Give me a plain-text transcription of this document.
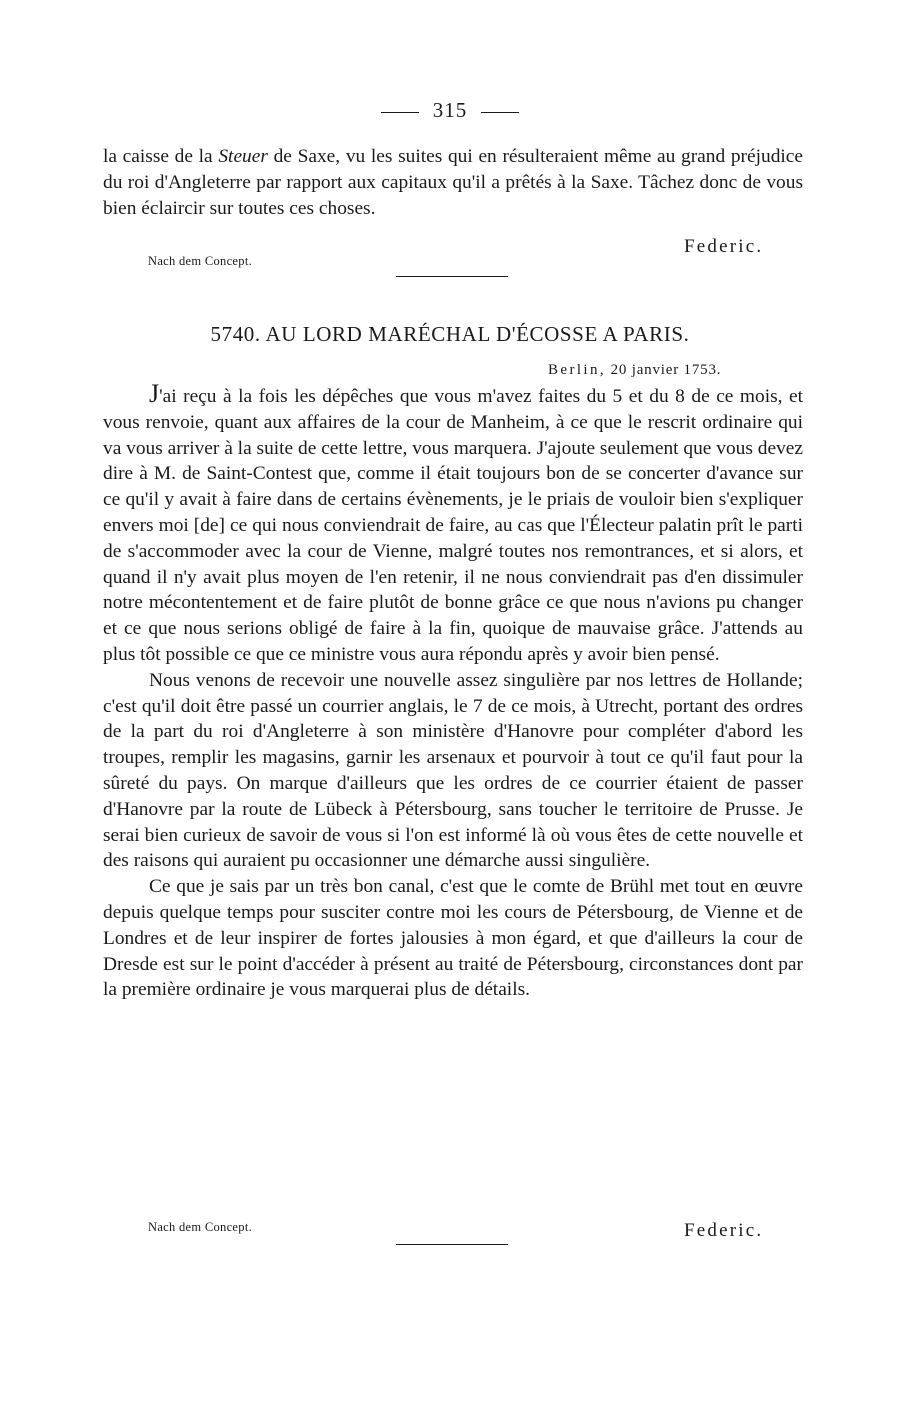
315

la caisse de la Steuer de Saxe, vu les suites qui en résulteraient même au grand préjudice du roi d'Angleterre par rapport aux capitaux qu'il a prêtés à la Saxe. Tâchez donc de vous bien éclaircir sur toutes ces choses.

Federic.
Nach dem Concept.
5740. AU LORD MARÉCHAL D'ÉCOSSE A PARIS.
Berlin, 20 janvier 1753.

J'ai reçu à la fois les dépêches que vous m'avez faites du 5 et du 8 de ce mois, et vous renvoie, quant aux affaires de la cour de Manheim, à ce que le rescrit ordinaire qui va vous arriver à la suite de cette lettre, vous marquera. J'ajoute seulement que vous devez dire à M. de Saint-Contest que, comme il était toujours bon de se concerter d'avance sur ce qu'il y avait à faire dans de certains évènements, je le priais de vouloir bien s'expliquer envers moi [de] ce qui nous conviendrait de faire, au cas que l'Électeur palatin prît le parti de s'accommoder avec la cour de Vienne, malgré toutes nos remontrances, et si alors, et quand il n'y avait plus moyen de l'en retenir, il ne nous conviendrait pas d'en dissimuler notre mécontentement et de faire plutôt de bonne grâce ce que nous n'avions pu changer et ce que nous serions obligé de faire à la fin, quoique de mauvaise grâce. J'attends au plus tôt possible ce que ce ministre vous aura répondu après y avoir bien pensé.

Nous venons de recevoir une nouvelle assez singulière par nos lettres de Hollande; c'est qu'il doit être passé un courrier anglais, le 7 de ce mois, à Utrecht, portant des ordres de la part du roi d'Angleterre à son ministère d'Hanovre pour compléter d'abord les troupes, remplir les magasins, garnir les arsenaux et pourvoir à tout ce qu'il faut pour la sûreté du pays. On marque d'ailleurs que les ordres de ce courrier étaient de passer d'Hanovre par la route de Lübeck à Pétersbourg, sans toucher le territoire de Prusse. Je serai bien curieux de savoir de vous si l'on est informé là où vous êtes de cette nouvelle et des raisons qui auraient pu occasionner une démarche aussi singulière.

Ce que je sais par un très bon canal, c'est que le comte de Brühl met tout en œuvre depuis quelque temps pour susciter contre moi les cours de Pétersbourg, de Vienne et de Londres et de leur inspirer de fortes jalousies à mon égard, et que d'ailleurs la cour de Dresde est sur le point d'accéder à présent au traité de Pétersbourg, circonstances dont par la première ordinaire je vous marquerai plus de détails.

Nach dem Concept.	Federic.
